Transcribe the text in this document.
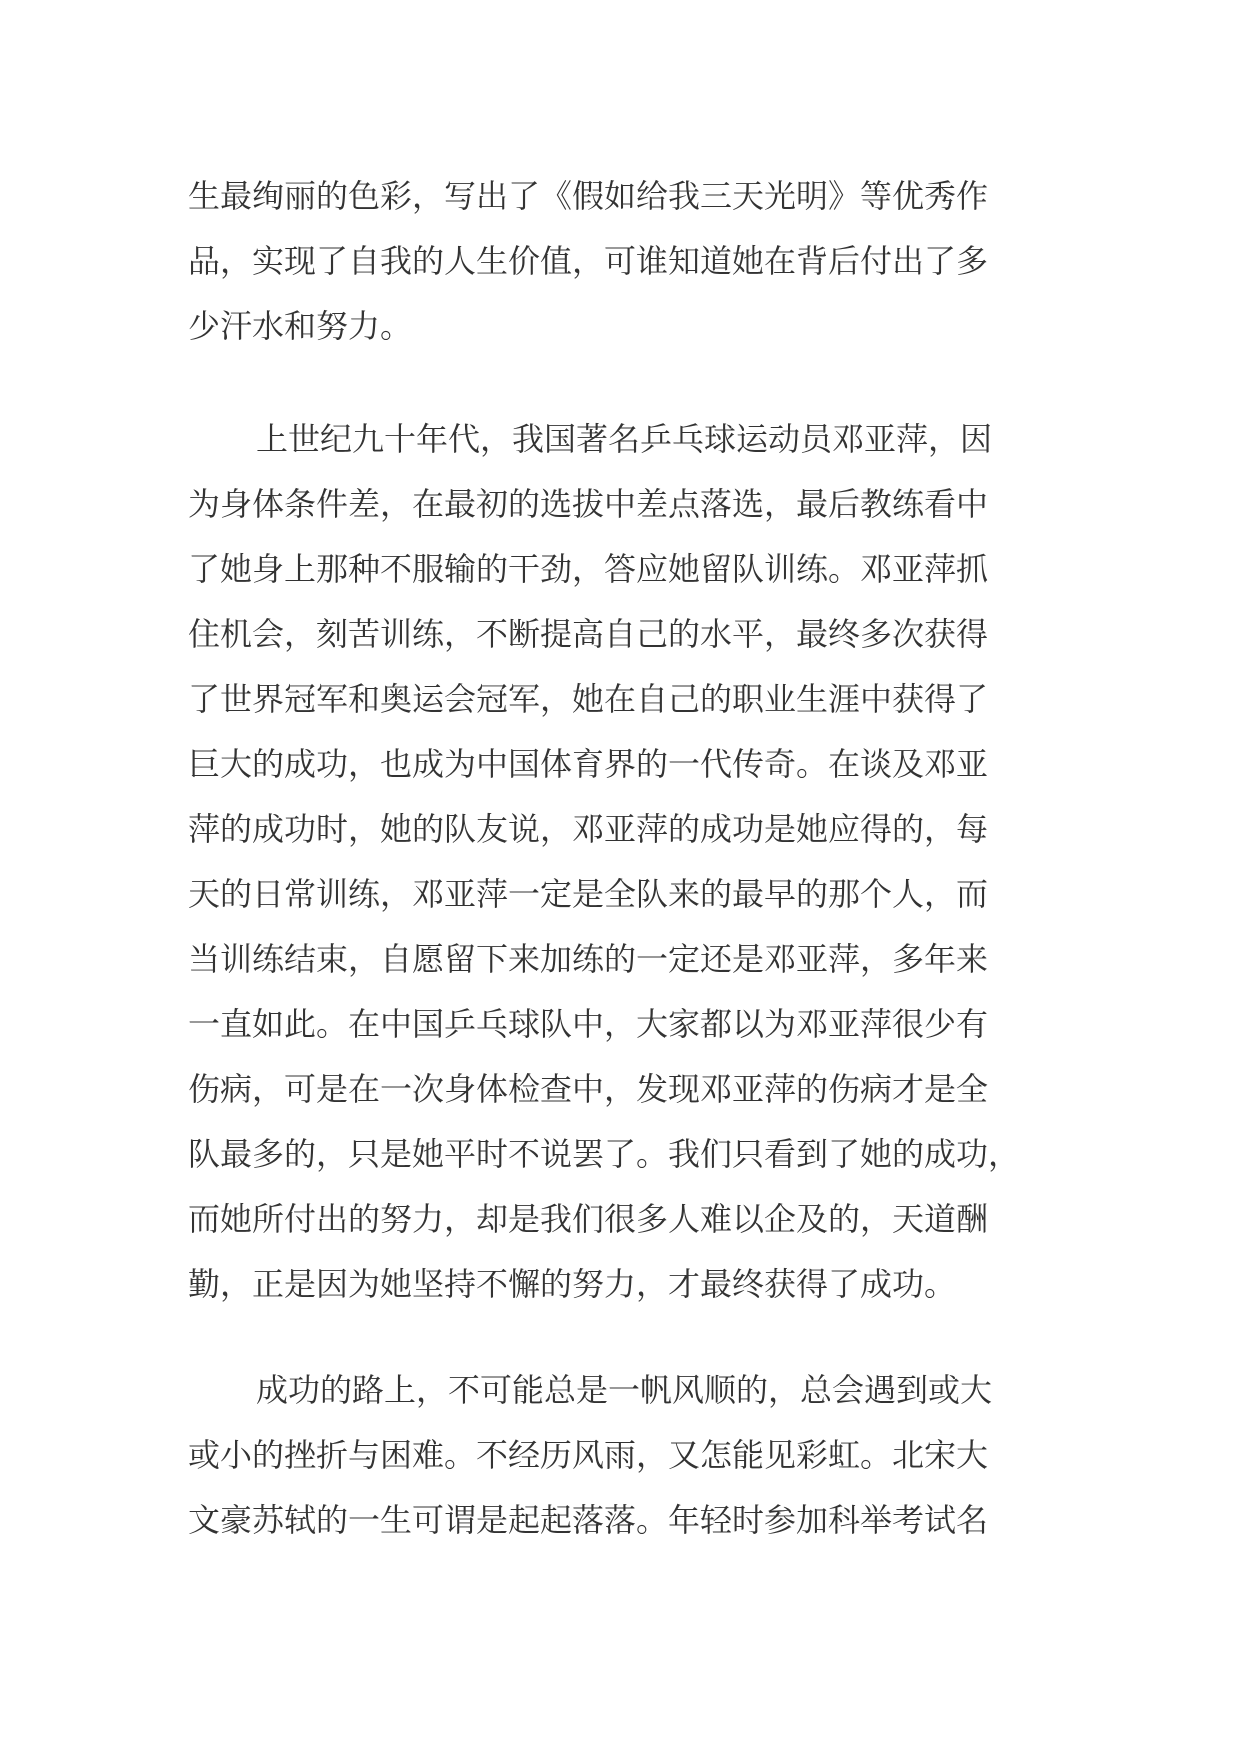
生最绚丽的色彩，写出了《假如给我三天光明》等优秀作
品，实现了自我的人生价值，可谁知道她在背后付出了多
少汗水和努力。
上世纪九十年代，我国著名乒乓球运动员邓亚萍，因
为身体条件差，在最初的选拔中差点落选，最后教练看中
了她身上那种不服输的干劲，答应她留队训练。邓亚萍抓
住机会，刻苦训练，不断提高自己的水平，最终多次获得
了世界冠军和奥运会冠军，她在自己的职业生涯中获得了
巨大的成功，也成为中国体育界的一代传奇。在谈及邓亚
萍的成功时，她的队友说，邓亚萍的成功是她应得的，每
天的日常训练，邓亚萍一定是全队来的最早的那个人，而
当训练结束，自愿留下来加练的一定还是邓亚萍，多年来
一直如此。在中国乒乓球队中，大家都以为邓亚萍很少有
伤病，可是在一次身体检查中，发现邓亚萍的伤病才是全
队最多的，只是她平时不说罢了。我们只看到了她的成功，
而她所付出的努力，却是我们很多人难以企及的，天道酬
勤，正是因为她坚持不懈的努力，才最终获得了成功。
成功的路上，不可能总是一帆风顺的，总会遇到或大
或小的挫折与困难。不经历风雨，又怎能见彩虹。北宋大
文豪苏轼的一生可谓是起起落落。年轻时参加科举考试名
